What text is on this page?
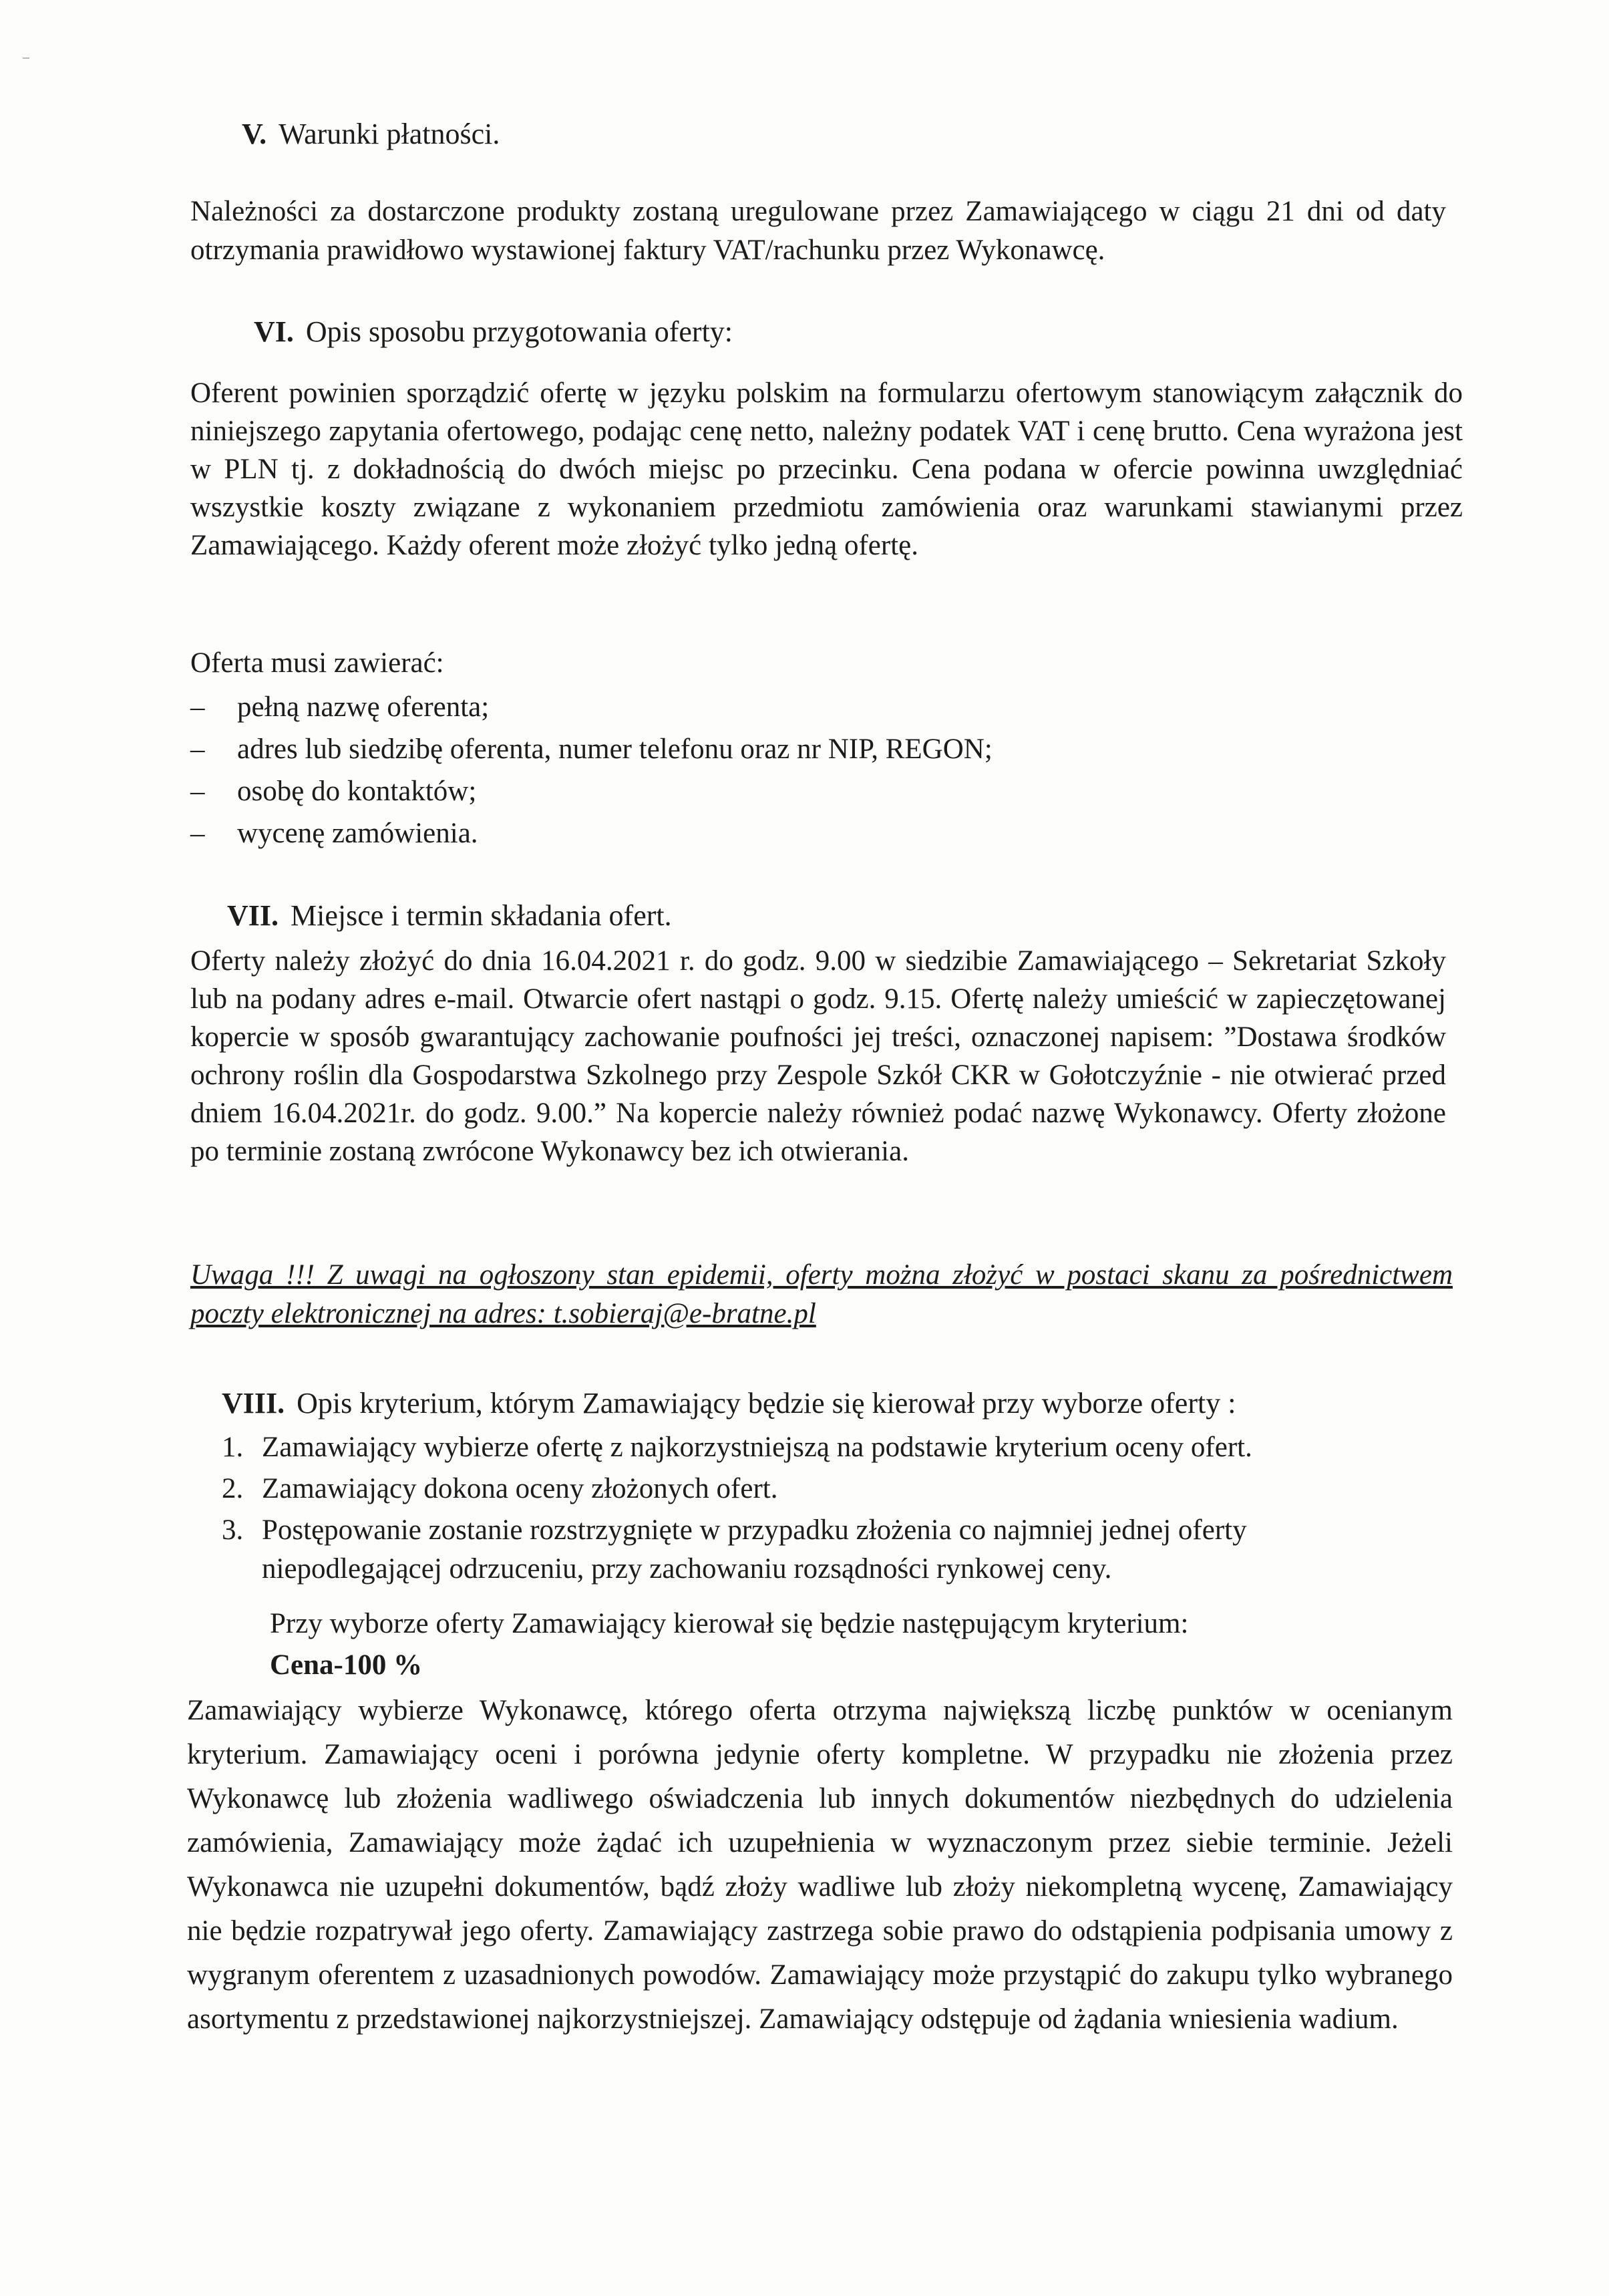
V. Warunki płatności.

Należności za dostarczone produkty zostaną uregulowane przez Zamawiającego w ciągu 21 dni od daty otrzymania prawidłowo wystawionej faktury VAT/rachunku przez Wykonawcę.

VI. Opis sposobu przygotowania oferty:

Oferent powinien sporządzić ofertę w języku polskim na formularzu ofertowym stanowiącym załącznik do niniejszego zapytania ofertowego, podając cenę netto, należny podatek VAT i cenę brutto. Cena wyrażona jest w PLN tj. z dokładnością do dwóch miejsc po przecinku. Cena podana w ofercie powinna uwzględniać wszystkie koszty związane z wykonaniem przedmiotu zamówienia oraz warunkami stawianymi przez Zamawiającego. Każdy oferent może złożyć tylko jedną ofertę.

Oferta musi zawierać:
– pełną nazwę oferenta;
– adres lub siedzibę oferenta, numer telefonu oraz nr NIP, REGON;
– osobę do kontaktów;
– wycenę zamówienia.
VII. Miejsce i termin składania ofert.

Oferty należy złożyć do dnia 16.04.2021 r. do godz. 9.00 w siedzibie Zamawiającego – Sekretariat Szkoły lub na podany adres e-mail. Otwarcie ofert nastąpi o godz. 9.15. Ofertę należy umieścić w zapieczętowanej kopercie w sposób gwarantujący zachowanie poufności jej treści, oznaczonej napisem: ”Dostawa środków ochrony roślin dla Gospodarstwa Szkolnego przy Zespole Szkół CKR w Gołotczyźnie - nie otwierać przed dniem 16.04.2021r. do godz. 9.00.” Na kopercie należy również podać nazwę Wykonawcy. Oferty złożone po terminie zostaną zwrócone Wykonawcy bez ich otwierania.

Uwaga !!! Z uwagi na ogłoszony stan epidemii, oferty można złożyć w postaci skanu za pośrednictwem poczty elektronicznej na adres: t.sobieraj@e-bratne.pl

VIII. Opis kryterium, którym Zamawiający będzie się kierował przy wyborze oferty :
1. Zamawiający wybierze ofertę z najkorzystniejszą na podstawie kryterium oceny ofert.
2. Zamawiający dokona oceny złożonych ofert.
3. Postępowanie zostanie rozstrzygnięte w przypadku złożenia co najmniej jednej oferty niepodlegającej odrzuceniu, przy zachowaniu rozsądności rynkowej ceny.
Przy wyborze oferty Zamawiający kierował się będzie następującym kryterium:
Cena-100 %

Zamawiający wybierze Wykonawcę, którego oferta otrzyma największą liczbę punktów w ocenianym kryterium. Zamawiający oceni i porówna jedynie oferty kompletne. W przypadku nie złożenia przez Wykonawcę lub złożenia wadliwego oświadczenia lub innych dokumentów niezbędnych do udzielenia zamówienia, Zamawiający może żądać ich uzupełnienia w wyznaczonym przez siebie terminie. Jeżeli Wykonawca nie uzupełni dokumentów, bądź złoży wadliwe lub złoży niekompletną wycenę, Zamawiający nie będzie rozpatrywał jego oferty. Zamawiający zastrzega sobie prawo do odstąpienia podpisania umowy z wygranym oferentem z uzasadnionych powodów. Zamawiający może przystąpić do zakupu tylko wybranego asortymentu z przedstawionej najkorzystniejszej. Zamawiający odstępuje od żądania wniesienia wadium.
